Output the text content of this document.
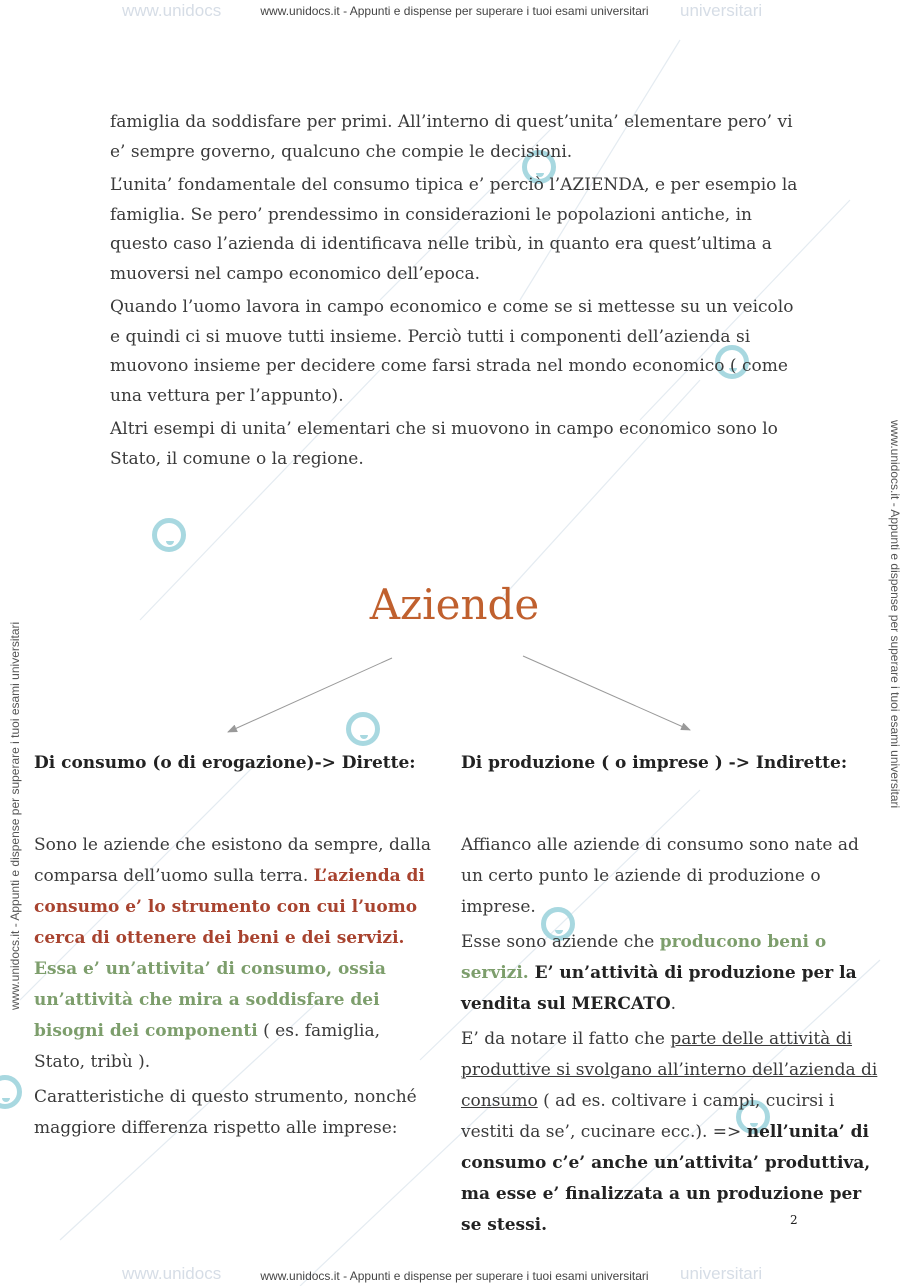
www.unidocs	universitari
www.unidocs	universitari
www.unidocs.it - Appunti e dispense per superare i tuoi esami universitari
www.unidocs.it - Appunti e dispense per superare i tuoi esami universitari
www.unidocs.it - Appunti e dispense per superare i tuoi esami universitari
www.unidocs.it - Appunti e dispense per superare i tuoi esami universitari

famiglia da soddisfare per primi. All’interno di quest’unita’ elementare pero’ vi e’ sempre governo, qualcuno che compie le decisioni.

L’unita’ fondamentale del consumo tipica e’ perciò l’AZIENDA, e per esempio la famiglia. Se pero’ prendessimo in considerazioni le popolazioni antiche, in questo caso l’azienda di identificava nelle tribù, in quanto era quest’ultima a muoversi nel campo economico dell’epoca.

Quando l’uomo lavora in campo economico e come se si mettesse su un veicolo e quindi ci si muove tutti insieme. Perciò tutti i componenti dell’azienda si muovono insieme per decidere come farsi strada nel mondo economico ( come una vettura per l’appunto).

Altri esempi di unita’ elementari che si muovono in campo economico sono lo Stato, il comune o la regione.

Aziende
Di consumo (o di erogazione)-> Dirette:

Sono le aziende che esistono da sempre, dalla comparsa dell’uomo sulla terra. L’azienda di consumo e’ lo strumento con cui l’uomo cerca di ottenere dei beni e dei servizi. Essa e’ un’attivita’ di consumo, ossia un’attività che mira a soddisfare dei bisogni dei componenti ( es. famiglia, Stato, tribù ).

Caratteristiche di questo strumento, nonché maggiore differenza rispetto alle imprese:

Di produzione ( o imprese ) -> Indirette:

Affianco alle aziende di consumo sono nate ad un certo punto le aziende di produzione o imprese.

Esse sono aziende che producono beni o servizi. E’ un’attività di produzione per la vendita sul MERCATO.

E’ da notare il fatto che parte delle attività di produttive si svolgano all’interno dell’azienda di consumo ( ad es. coltivare i campi, cucirsi i vestiti da se’, cucinare ecc.). => nell’unita’ di consumo c’e’ anche un’attivita’ produttiva, ma esse e’ finalizzata a un produzione per se stessi.	2
